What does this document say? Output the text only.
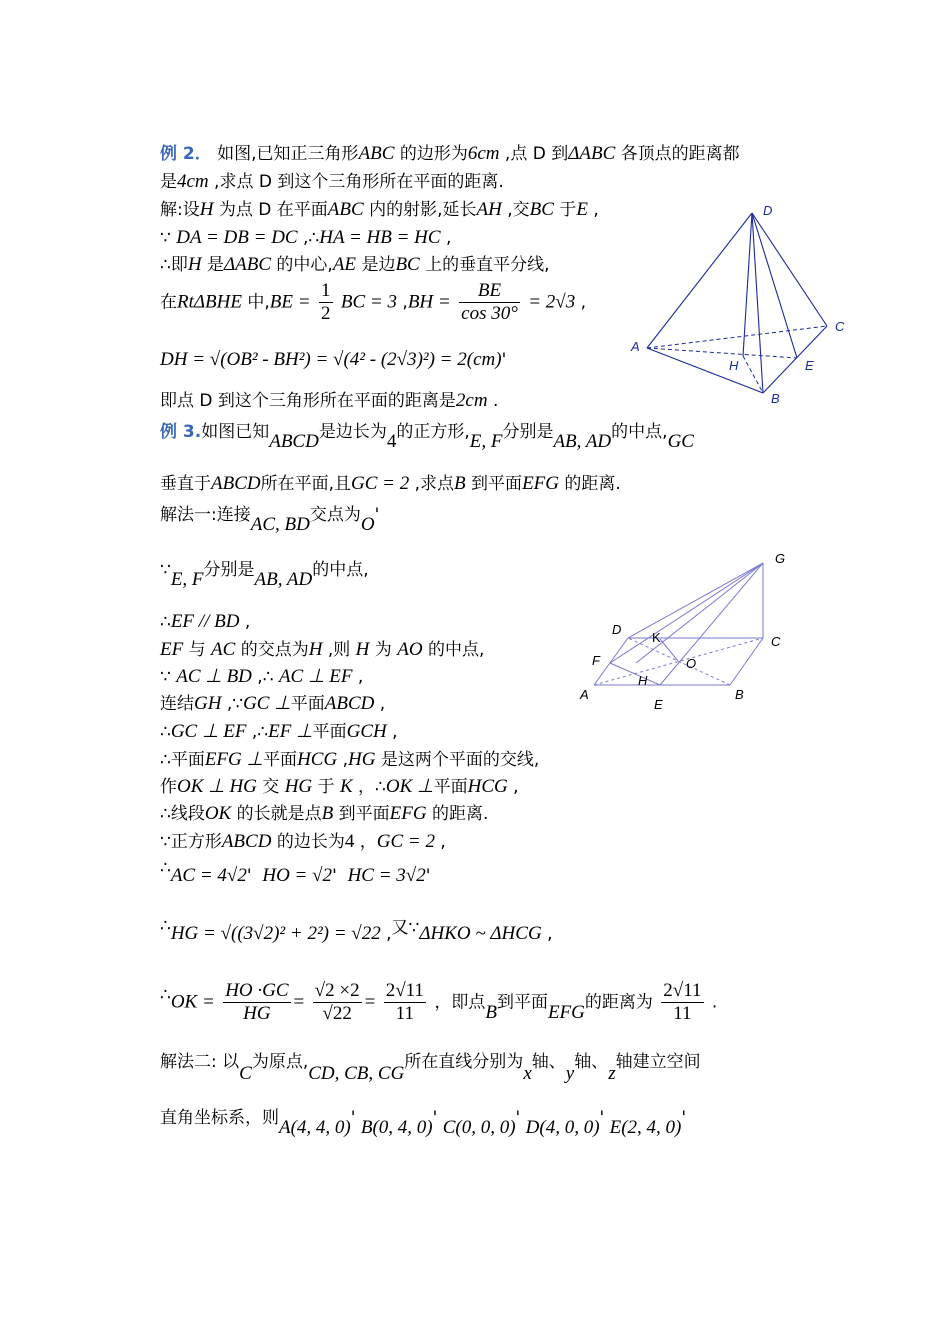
例 2． 如图,已知正三角形ABC 的边形为6cm ,点 D 到ΔABC 各顶点的距离都
是4cm ,求点 D 到这个三角形所在平面的距离.
解:设H 为点 D 在平面ABC 内的射影,延长AH ,交BC 于E ,
∵ DA = DB = DC ,∴HA = HB = HC ,
∴即H 是ΔABC 的中心,AE 是边BC 上的垂直平分线,
在RtΔBHE 中$,BE = \frac{1}{2}$ BC = 3 $,BH = \frac{BE}{\cos 30^\circ} = 2√3$ ,
DH = √(OB² - BH²) = √(4² - (2√3)²) = 2(cm)'
即点 D 到这个三角形所在平面的距离是2cm .
D
C
A
H	E
B
例 3.如图已知ABCD是边长为4的正方形,E, F分别是AB, AD的中点,GC
垂直于ABCD所在平面,且GC = 2 ,求点B 到平面EFG 的距离.
解法一:连接AC, BD交点为O'
∵E, F分别是AB, AD的中点,
∴EF // BD ,
EF 与 AC 的交点为H ,则 H 为 AO 的中点,
∵ AC ⊥ BD ,∴ AC ⊥ EF ,
连结GH ,∵GC ⊥平面ABCD ,
∴GC ⊥ EF ,∴EF ⊥平面GCH ,
∴平面EFG ⊥平面HCG ,HG 是这两个平面的交线,
作OK ⊥ HG 交 HG 于 K ，∴OK ⊥平面HCG ,
∴线段OK 的长就是点B 到平面EFG 的距离.
∵正方形ABCD 的边长为4 ，GC = 2 ,
∴AC = 4√2' HO = √2' HC = 3√2'
∴HG = √((3√2)² + 2²) = √22 ,又∵ΔHKO ~ ΔHCG ,
∴OK = $\frac{HO \cdot GC}{HG} = \frac{√2 \times 2}{√22} = \frac{2√11}{11}$ ，即点B到平面EFG的距离为 $\frac{2√11}{11}$ .
解法二: 以C为原点,CD, CB, CG所在直线分别为x轴、y轴、z轴建立空间
直角坐标系，则A(4, 4, 0)' B(0, 4, 0)' C(0, 0, 0)' D(4, 0, 0)' E(2, 4, 0)'
G
D
K	C
F	O
A
H
B
E
